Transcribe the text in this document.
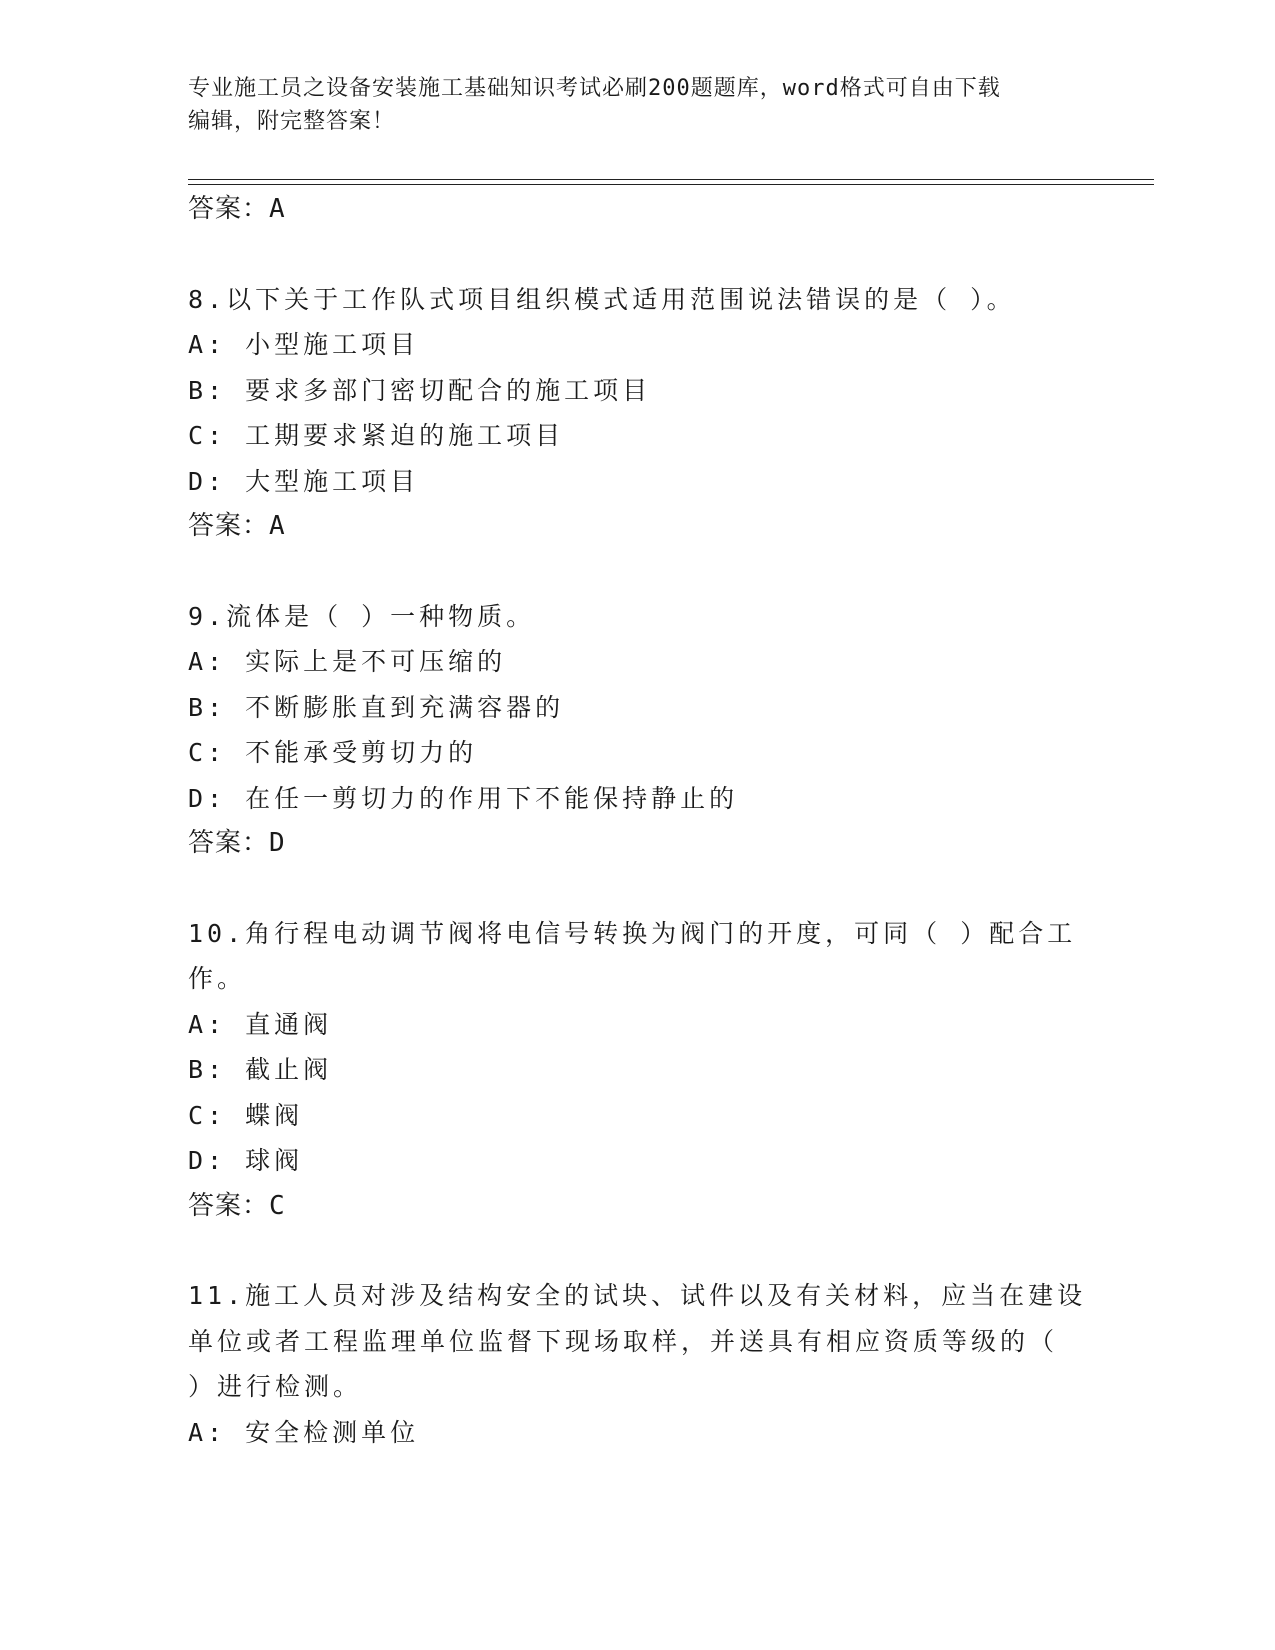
专业施工员之设备安装施工基础知识考试必刷200题题库，word格式可自由下载
编辑，附完整答案！
答案：A
8.以下关于工作队式项目组织模式适用范围说法错误的是（ ）。
A: 小型施工项目
B: 要求多部门密切配合的施工项目
C: 工期要求紧迫的施工项目
D: 大型施工项目
答案：A
9.流体是（ ）一种物质。
A: 实际上是不可压缩的
B: 不断膨胀直到充满容器的
C: 不能承受剪切力的
D: 在任一剪切力的作用下不能保持静止的
答案：D
10.角行程电动调节阀将电信号转换为阀门的开度，可同（ ）配合工
作。
A: 直通阀
B: 截止阀
C: 蝶阀
D: 球阀
答案：C
11.施工人员对涉及结构安全的试块、试件以及有关材料，应当在建设
单位或者工程监理单位监督下现场取样，并送具有相应资质等级的（
）进行检测。
A: 安全检测单位
